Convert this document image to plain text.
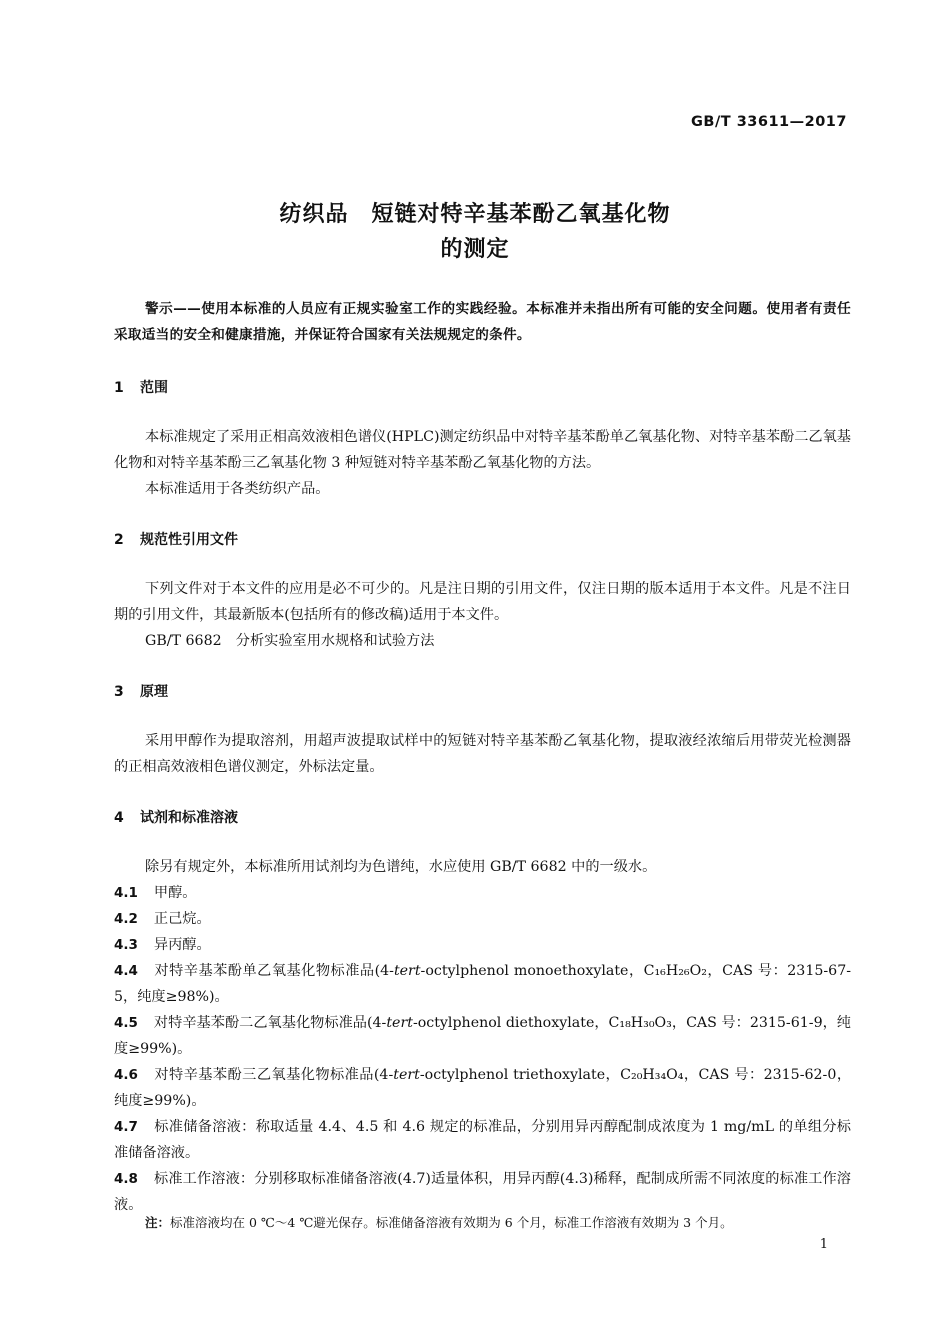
GB/T 33611—2017
纺织品　短链对特辛基苯酚乙氧基化物
的测定
警示——使用本标准的人员应有正规实验室工作的实践经验。本标准并未指出所有可能的安全问题。使用者有责任采取适当的安全和健康措施，并保证符合国家有关法规规定的条件。
1 范围
本标准规定了采用正相高效液相色谱仪(HPLC)测定纺织品中对特辛基苯酚单乙氧基化物、对特辛基苯酚二乙氧基化物和对特辛基苯酚三乙氧基化物 3 种短链对特辛基苯酚乙氧基化物的方法。
本标准适用于各类纺织产品。
2 规范性引用文件
下列文件对于本文件的应用是必不可少的。凡是注日期的引用文件，仅注日期的版本适用于本文件。凡是不注日期的引用文件，其最新版本(包括所有的修改稿)适用于本文件。
GB/T 6682　分析实验室用水规格和试验方法
3 原理
采用甲醇作为提取溶剂，用超声波提取试样中的短链对特辛基苯酚乙氧基化物，提取液经浓缩后用带荧光检测器的正相高效液相色谱仪测定，外标法定量。
4 试剂和标准溶液
除另有规定外，本标准所用试剂均为色谱纯，水应使用 GB/T 6682 中的一级水。
4.1 甲醇。
4.2 正己烷。
4.3 异丙醇。
4.4 对特辛基苯酚单乙氧基化物标准品(4-tert-octylphenol monoethoxylate，C₁₆H₂₆O₂，CAS 号：2315-67-5，纯度≥98%)。
4.5 对特辛基苯酚二乙氧基化物标准品(4-tert-octylphenol diethoxylate，C₁₈H₃₀O₃，CAS 号：2315-61-9，纯度≥99%)。
4.6 对特辛基苯酚三乙氧基化物标准品(4-tert-octylphenol triethoxylate，C₂₀H₃₄O₄，CAS 号：2315-62-0，纯度≥99%)。
4.7 标准储备溶液：称取适量 4.4、4.5 和 4.6 规定的标准品，分别用异丙醇配制成浓度为 1 mg/mL 的单组分标准储备溶液。
4.8 标准工作溶液：分别移取标准储备溶液(4.7)适量体积，用异丙醇(4.3)稀释，配制成所需不同浓度的标准工作溶液。
注：标准溶液均在 0 ℃～4 ℃避光保存。标准储备溶液有效期为 6 个月，标准工作溶液有效期为 3 个月。
1
